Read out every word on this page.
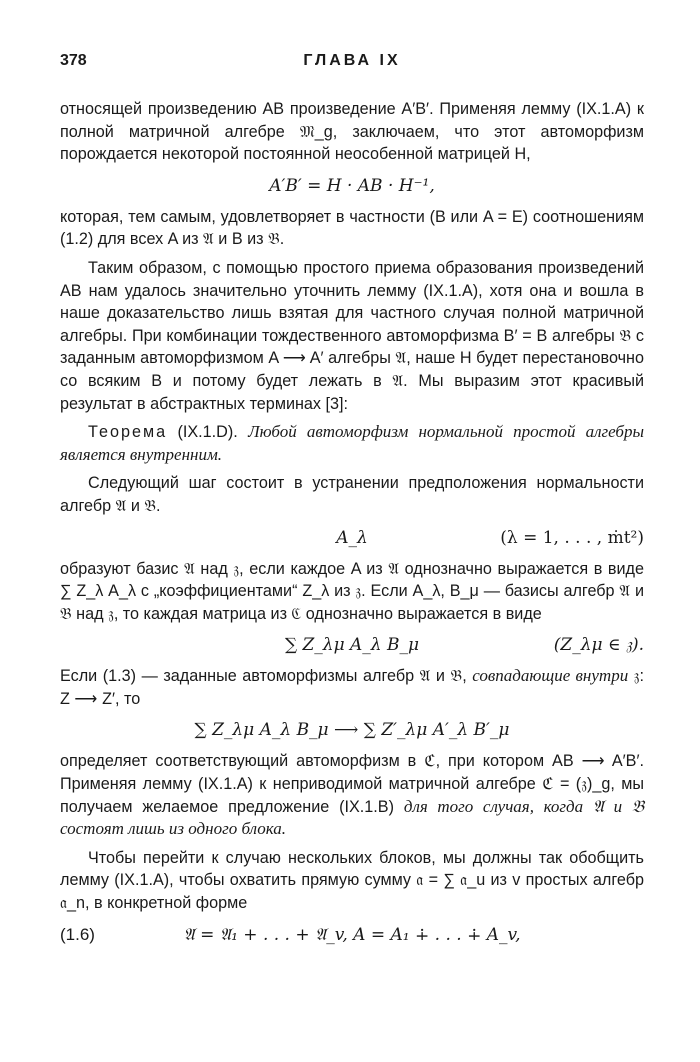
378	ГЛАВА IX

относящей произведению AB произведение A′B′. Применяя лемму (IX.1.A) к полной матричной алгебре 𝔐_g, заключаем, что этот автоморфизм порождается некоторой постоянной неособенной матрицей H,

A′B′ = H · AB · H⁻¹,

которая, тем самым, удовлетворяет в частности (B или A = E) соотношениям (1.2) для всех A из 𝔄 и B из 𝔅.

Таким образом, с помощью простого приема образования произведений AB нам удалось значительно уточнить лемму (IX.1.A), хотя она и вошла в наше доказательство лишь взятая для частного случая полной матричной алгебры. При комбинации тождественного автоморфизма B′ = B алгебры 𝔅 с заданным автоморфизмом A ⟶ A′ алгебры 𝔄, наше H будет перестановочно со всяким B и потому будет лежать в 𝔄. Мы выразим этот красивый результат в абстрактных терминах [3]:

Теорема (IX.1.D). Любой автоморфизм нормальной простой алгебры является внутренним.

Следующий шаг состоит в устранении предположения нормальности алгебр 𝔄 и 𝔅.

A_λ	(λ = 1, . . . , ṁt²)

образуют базис 𝔄 над 𝔷, если каждое A из 𝔄 однозначно выражается в виде ∑ Z_λ A_λ с „коэффициентами“ Z_λ из 𝔷. Если A_λ, B_μ — базисы алгебр 𝔄 и 𝔅 над 𝔷, то каждая матрица из ℭ однозначно выражается в виде

∑ Z_λμ A_λ B_μ	(Z_λμ ∈ 𝔷).

Если (1.3) — заданные автоморфизмы алгебр 𝔄 и 𝔅, совпадающие внутри 𝔷: Z ⟶ Z′, то

∑ Z_λμ A_λ B_μ ⟶ ∑ Z′_λμ A′_λ B′_μ

определяет соответствующий автоморфизм в ℭ, при котором AB ⟶ A′B′. Применяя лемму (IX.1.A) к неприводимой матричной алгебре ℭ = (𝔷)_g, мы получаем желаемое предложение (IX.1.B) для того случая, когда 𝔄 и 𝔅 состоят лишь из одного блока.

Чтобы перейти к случаю нескольких блоков, мы должны так обобщить лемму (IX.1.A), чтобы охватить прямую сумму 𝔞 = ∑ 𝔞_u из v простых алгебр 𝔞_n, в конкретной форме

(1.6)	𝔄 = 𝔄₁ + . . . + 𝔄_v, A = A₁ ∔ . . . ∔ A_v,
